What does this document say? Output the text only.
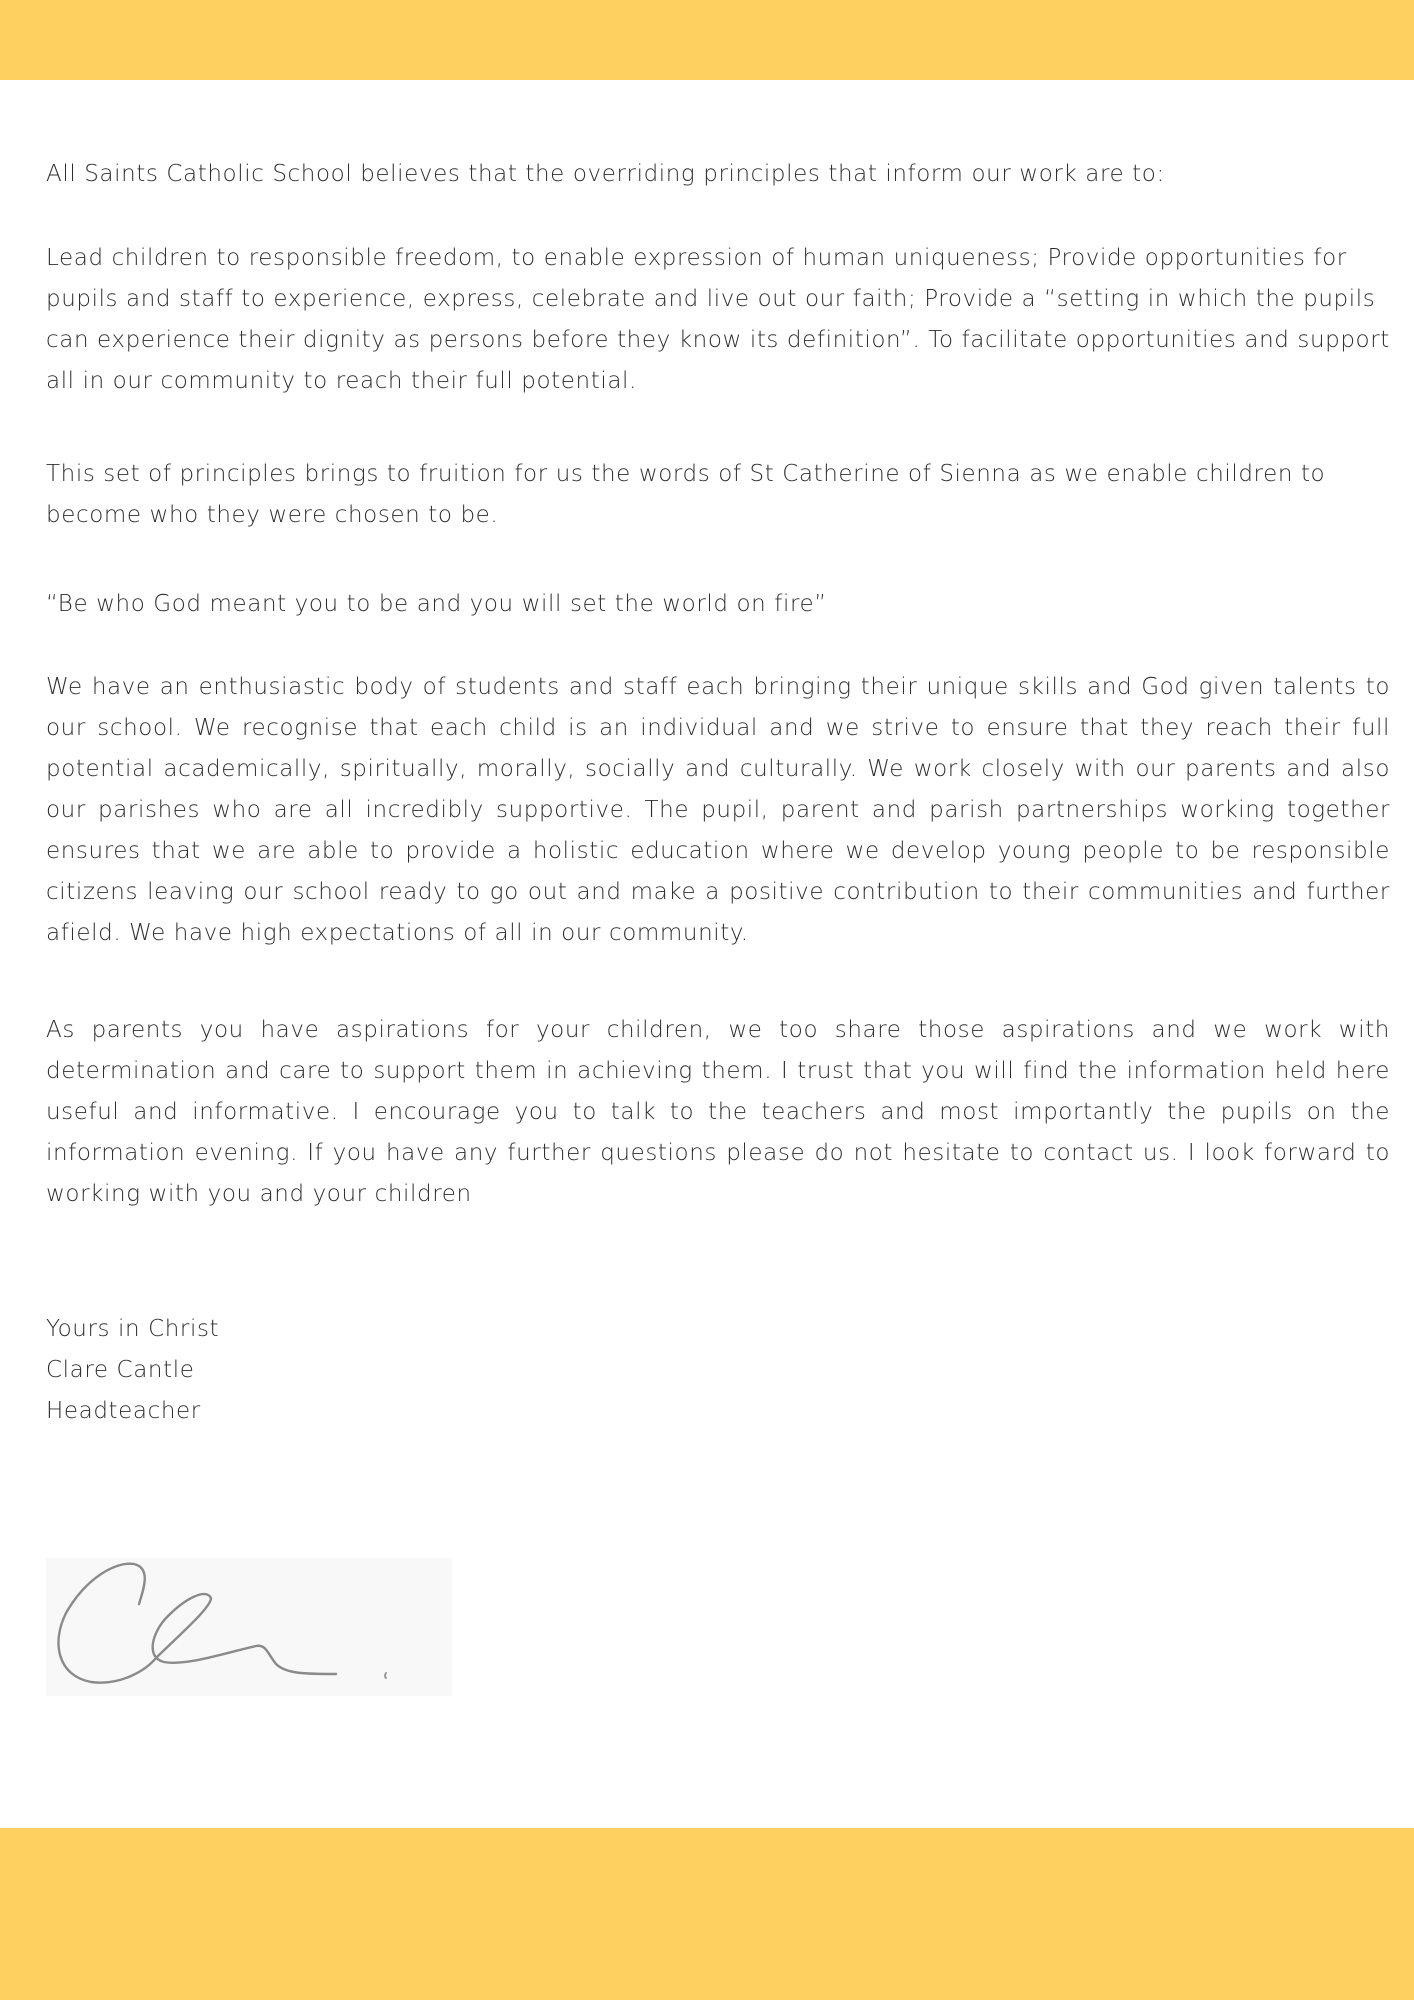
All Saints Catholic School believes that the overriding principles that inform our work are to:

Lead children to responsible freedom, to enable expression of human uniqueness; Provide opportunities for pupils and staff to experience, express, celebrate and live out our faith; Provide a “setting in which the pupils can experience their dignity as persons before they know its definition”. To facilitate opportunities and support all in our community to reach their full potential.

This set of principles brings to fruition for us the words of St Catherine of Sienna as we enable children to become who they were chosen to be.

“Be who God meant you to be and you will set the world on fire”

We have an enthusiastic body of students and staff each bringing their unique skills and God given talents to our school. We recognise that each child is an individual and we strive to ensure that they reach their full potential academically, spiritually, morally, socially and culturally. We work closely with our parents and also our parishes who are all incredibly supportive. The pupil, parent and parish partnerships working together ensures that we are able to provide a holistic education where we develop young people to be responsible citizens leaving our school ready to go out and make a positive contribution to their communities and further afield. We have high expectations of all in our community.

As parents you have aspirations for your children, we too share those aspirations and we work with determination and care to support them in achieving them. I trust that you will find the information held here useful and informative. I encourage you to talk to the teachers and most importantly the pupils on the information evening. If you have any further questions please do not hesitate to contact us. I look forward to working with you and your children

Yours in Christ
Clare Cantle
Headteacher
